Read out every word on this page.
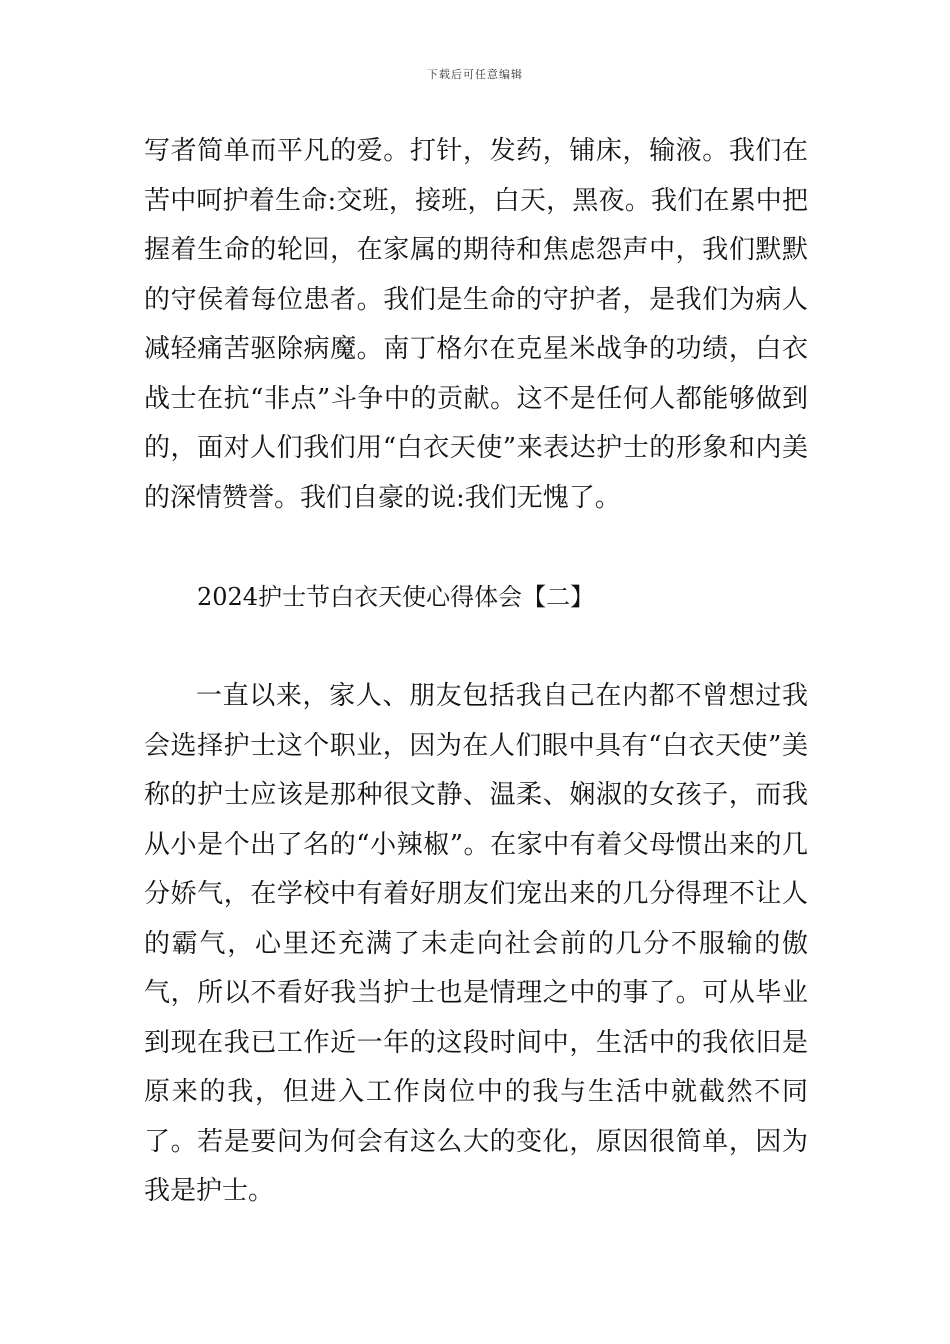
下载后可任意编辑

写者简单而平凡的爱。打针，发药，铺床，输液。我们在苦中呵护着生命:交班，接班，白天，黑夜。我们在累中把握着生命的轮回，在家属的期待和焦虑怨声中，我们默默的守侯着每位患者。我们是生命的守护者，是我们为病人减轻痛苦驱除病魔。南丁格尔在克星米战争的功绩，白衣战士在抗“非点”斗争中的贡献。这不是任何人都能够做到的，面对人们我们用“白衣天使”来表达护士的形象和内美的深情赞誉。我们自豪的说:我们无愧了。

2024护士节白衣天使心得体会【二】

一直以来，家人、朋友包括我自己在内都不曾想过我会选择护士这个职业，因为在人们眼中具有“白衣天使”美称的护士应该是那种很文静、温柔、娴淑的女孩子，而我从小是个出了名的“小辣椒”。在家中有着父母惯出来的几分娇气，在学校中有着好朋友们宠出来的几分得理不让人的霸气，心里还充满了未走向社会前的几分不服输的傲气，所以不看好我当护士也是情理之中的事了。可从毕业到现在我已工作近一年的这段时间中，生活中的我依旧是原来的我，但进入工作岗位中的我与生活中就截然不同了。若是要问为何会有这么大的变化，原因很简单，因为我是护士。
